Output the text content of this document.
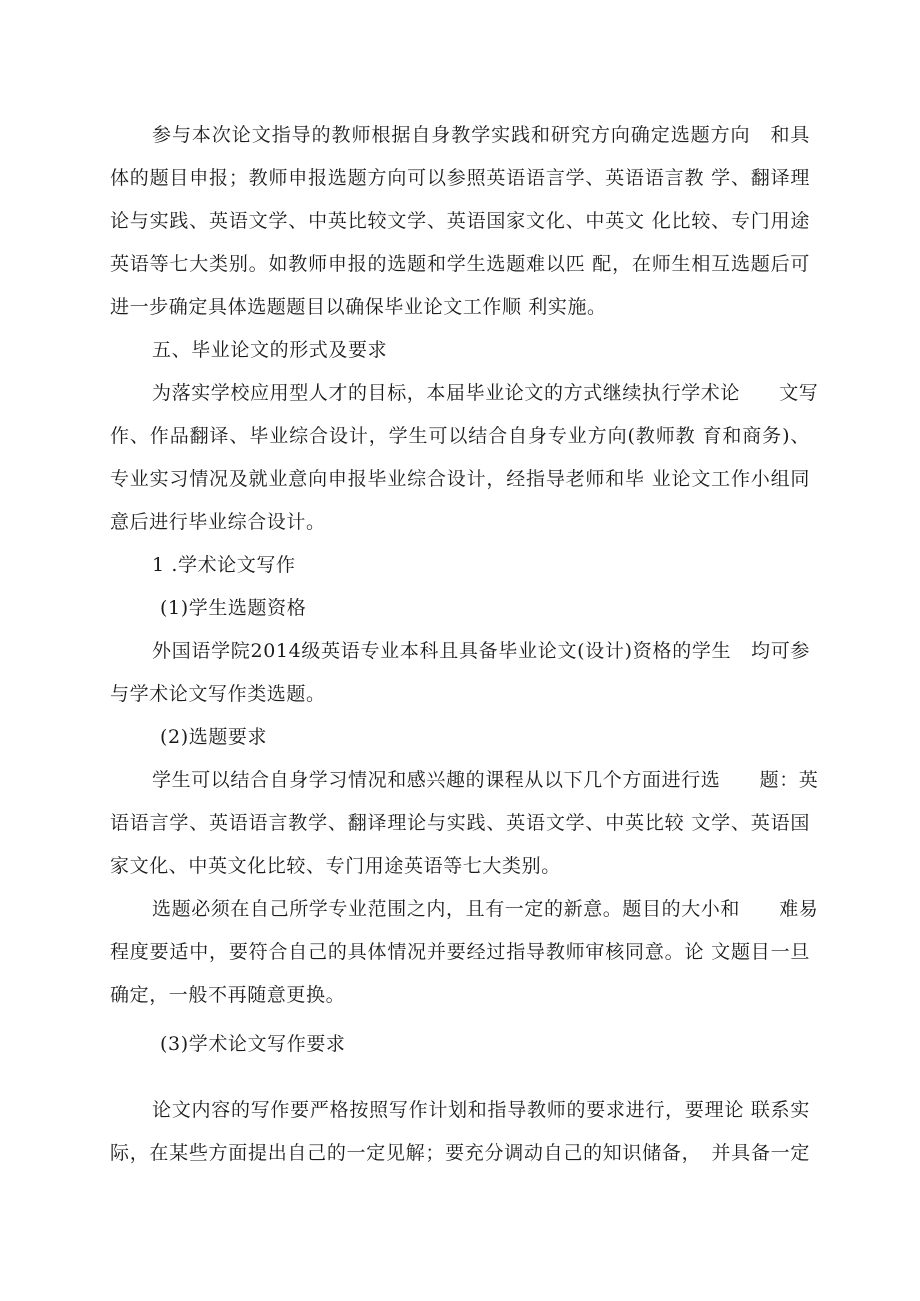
参与本次论文指导的教师根据自身教学实践和研究方向确定选题方向　和具
体的题目申报；教师申报选题方向可以参照英语语言学、英语语言教 学、翻译理
论与实践、英语文学、中英比较文学、英语国家文化、中英文 化比较、专门用途
英语等七大类别。如教师申报的选题和学生选题难以匹 配，在师生相互选题后可
进一步确定具体选题题目以确保毕业论文工作顺 利实施。
五、毕业论文的形式及要求
为落实学校应用型人才的目标，本届毕业论文的方式继续执行学术论　　文写
作、作品翻译、毕业综合设计，学生可以结合自身专业方向(教师教 育和商务)、
专业实习情况及就业意向申报毕业综合设计，经指导老师和毕 业论文工作小组同
意后进行毕业综合设计。
1 .学术论文写作
(1)学生选题资格
外国语学院2014级英语专业本科且具备毕业论文(设计)资格的学生　均可参
与学术论文写作类选题。
(2)选题要求
学生可以结合自身学习情况和感兴趣的课程从以下几个方面进行选　　题：英
语语言学、英语语言教学、翻译理论与实践、英语文学、中英比较 文学、英语国
家文化、中英文化比较、专门用途英语等七大类别。
选题必须在自己所学专业范围之内，且有一定的新意。题目的大小和　　难易
程度要适中，要符合自己的具体情况并要经过指导教师审核同意。论 文题目一旦
确定，一般不再随意更换。
(3)学术论文写作要求
论文内容的写作要严格按照写作计划和指导教师的要求进行，要理论 联系实
际，在某些方面提出自己的一定见解；要充分调动自己的知识储备，　并具备一定
